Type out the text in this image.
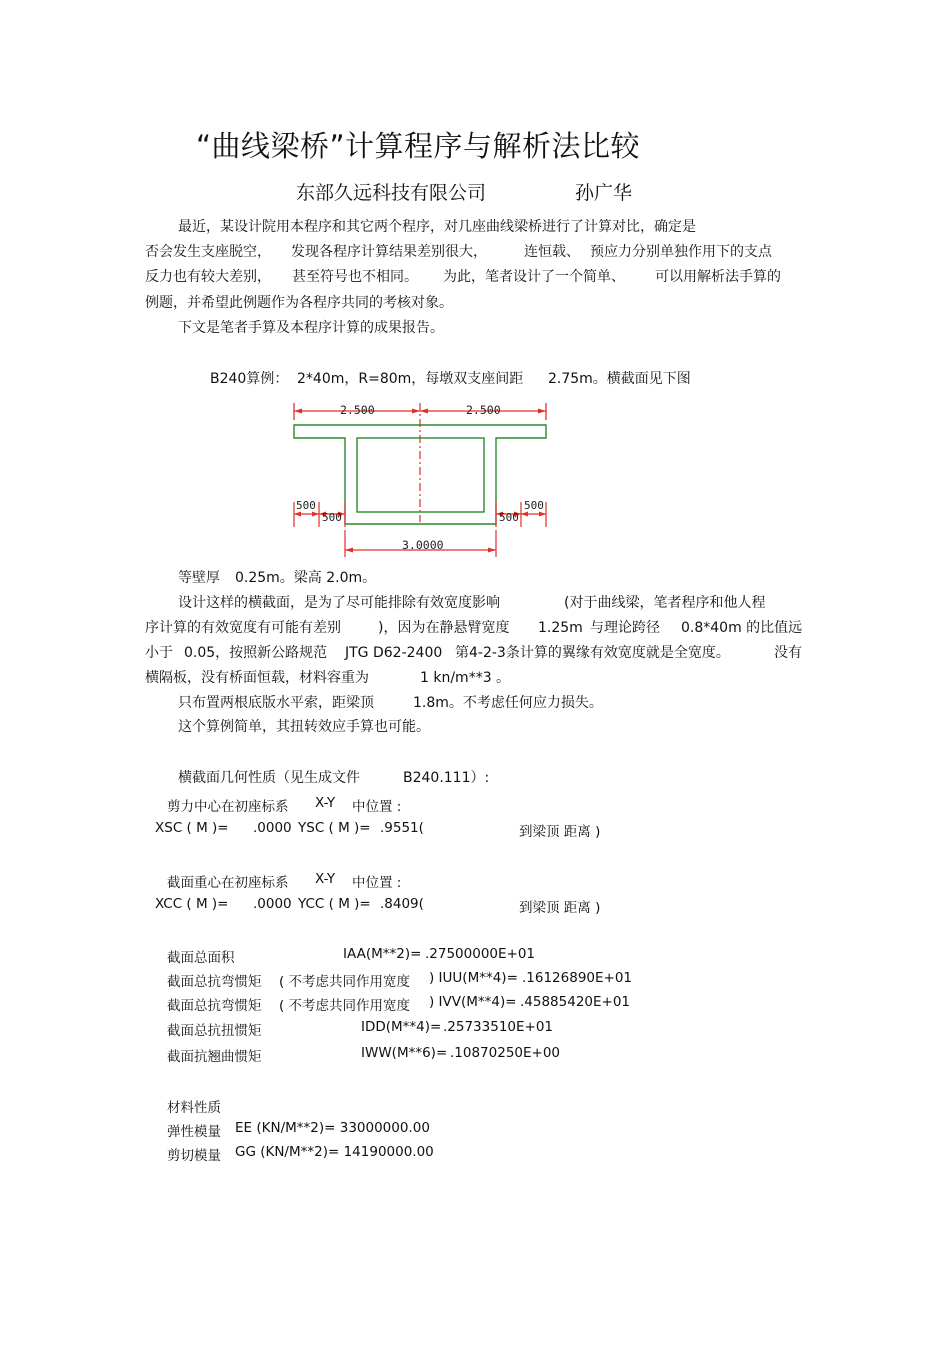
“曲线梁桥”计算程序与解析法比较
东部久远科技有限公司	孙广华
最近，某设计院用本程序和其它两个程序，对几座曲线梁桥进行了计算对比，确定是
否会发生支座脱空， 发现各程序计算结果差别很大，	连恒载、 预应力分别单独作用下的支点
反力也有较大差别， 甚至符号也不相同。 为此，笔者设计了一个简单、 可以用解析法手算的
例题，并希望此例题作为各程序共同的考核对象。
下文是笔者手算及本程序计算的成果报告。
B240算例： 2*40m，R=80m，每墩双支座间距 2.75m。横截面见下图
2.500	2.500
500
500	500
500
3.0000
等壁厚 0.25m。梁高 2.0m。
设计这样的横截面，是为了尽可能排除有效宽度影响	(对于曲线梁，笔者程序和他人程
序计算的有效宽度有可能有差别	)，因为在静悬臂宽度 1.25m 与理论跨径 0.8*40m 的比值远
小于 0.05，按照新公路规范 JTG D62-2400 第4-2-3条计算的翼缘有效宽度就是全宽度。	没有
横隔板，没有桥面恒载，材料容重为	1 kn/m**3 。
只布置两根底版水平索，距梁顶	1.8m。不考虑任何应力损失。
这个算例简单，其扭转效应手算也可能。
横截面几何性质（见生成文件	B240.111）:
剪力中心在初座标系 X-Y 中位置 :
XSC ( M )= .0000 YSC ( M )= .9551(	到梁顶 距离 )
截面重心在初座标系 X-Y 中位置 :
XCC ( M )= .0000 YCC ( M )= .8409(	到梁顶 距离 )
截面总面积	IAA(M**2)= .27500000E+01
截面总抗弯惯矩 ( 不考虑共同作用宽度 ) IUU(M**4)= .16126890E+01
截面总抗弯惯矩 ( 不考虑共同作用宽度 ) IVV(M**4)= .45885420E+01
截面总抗扭惯矩	IDD(M**4)= .25733510E+01
截面抗翘曲惯矩	IWW(M**6)= .10870250E+00
材料性质
弹性模量 EE (KN/M**2)= 33000000.00
剪切模量 GG (KN/M**2)= 14190000.00
